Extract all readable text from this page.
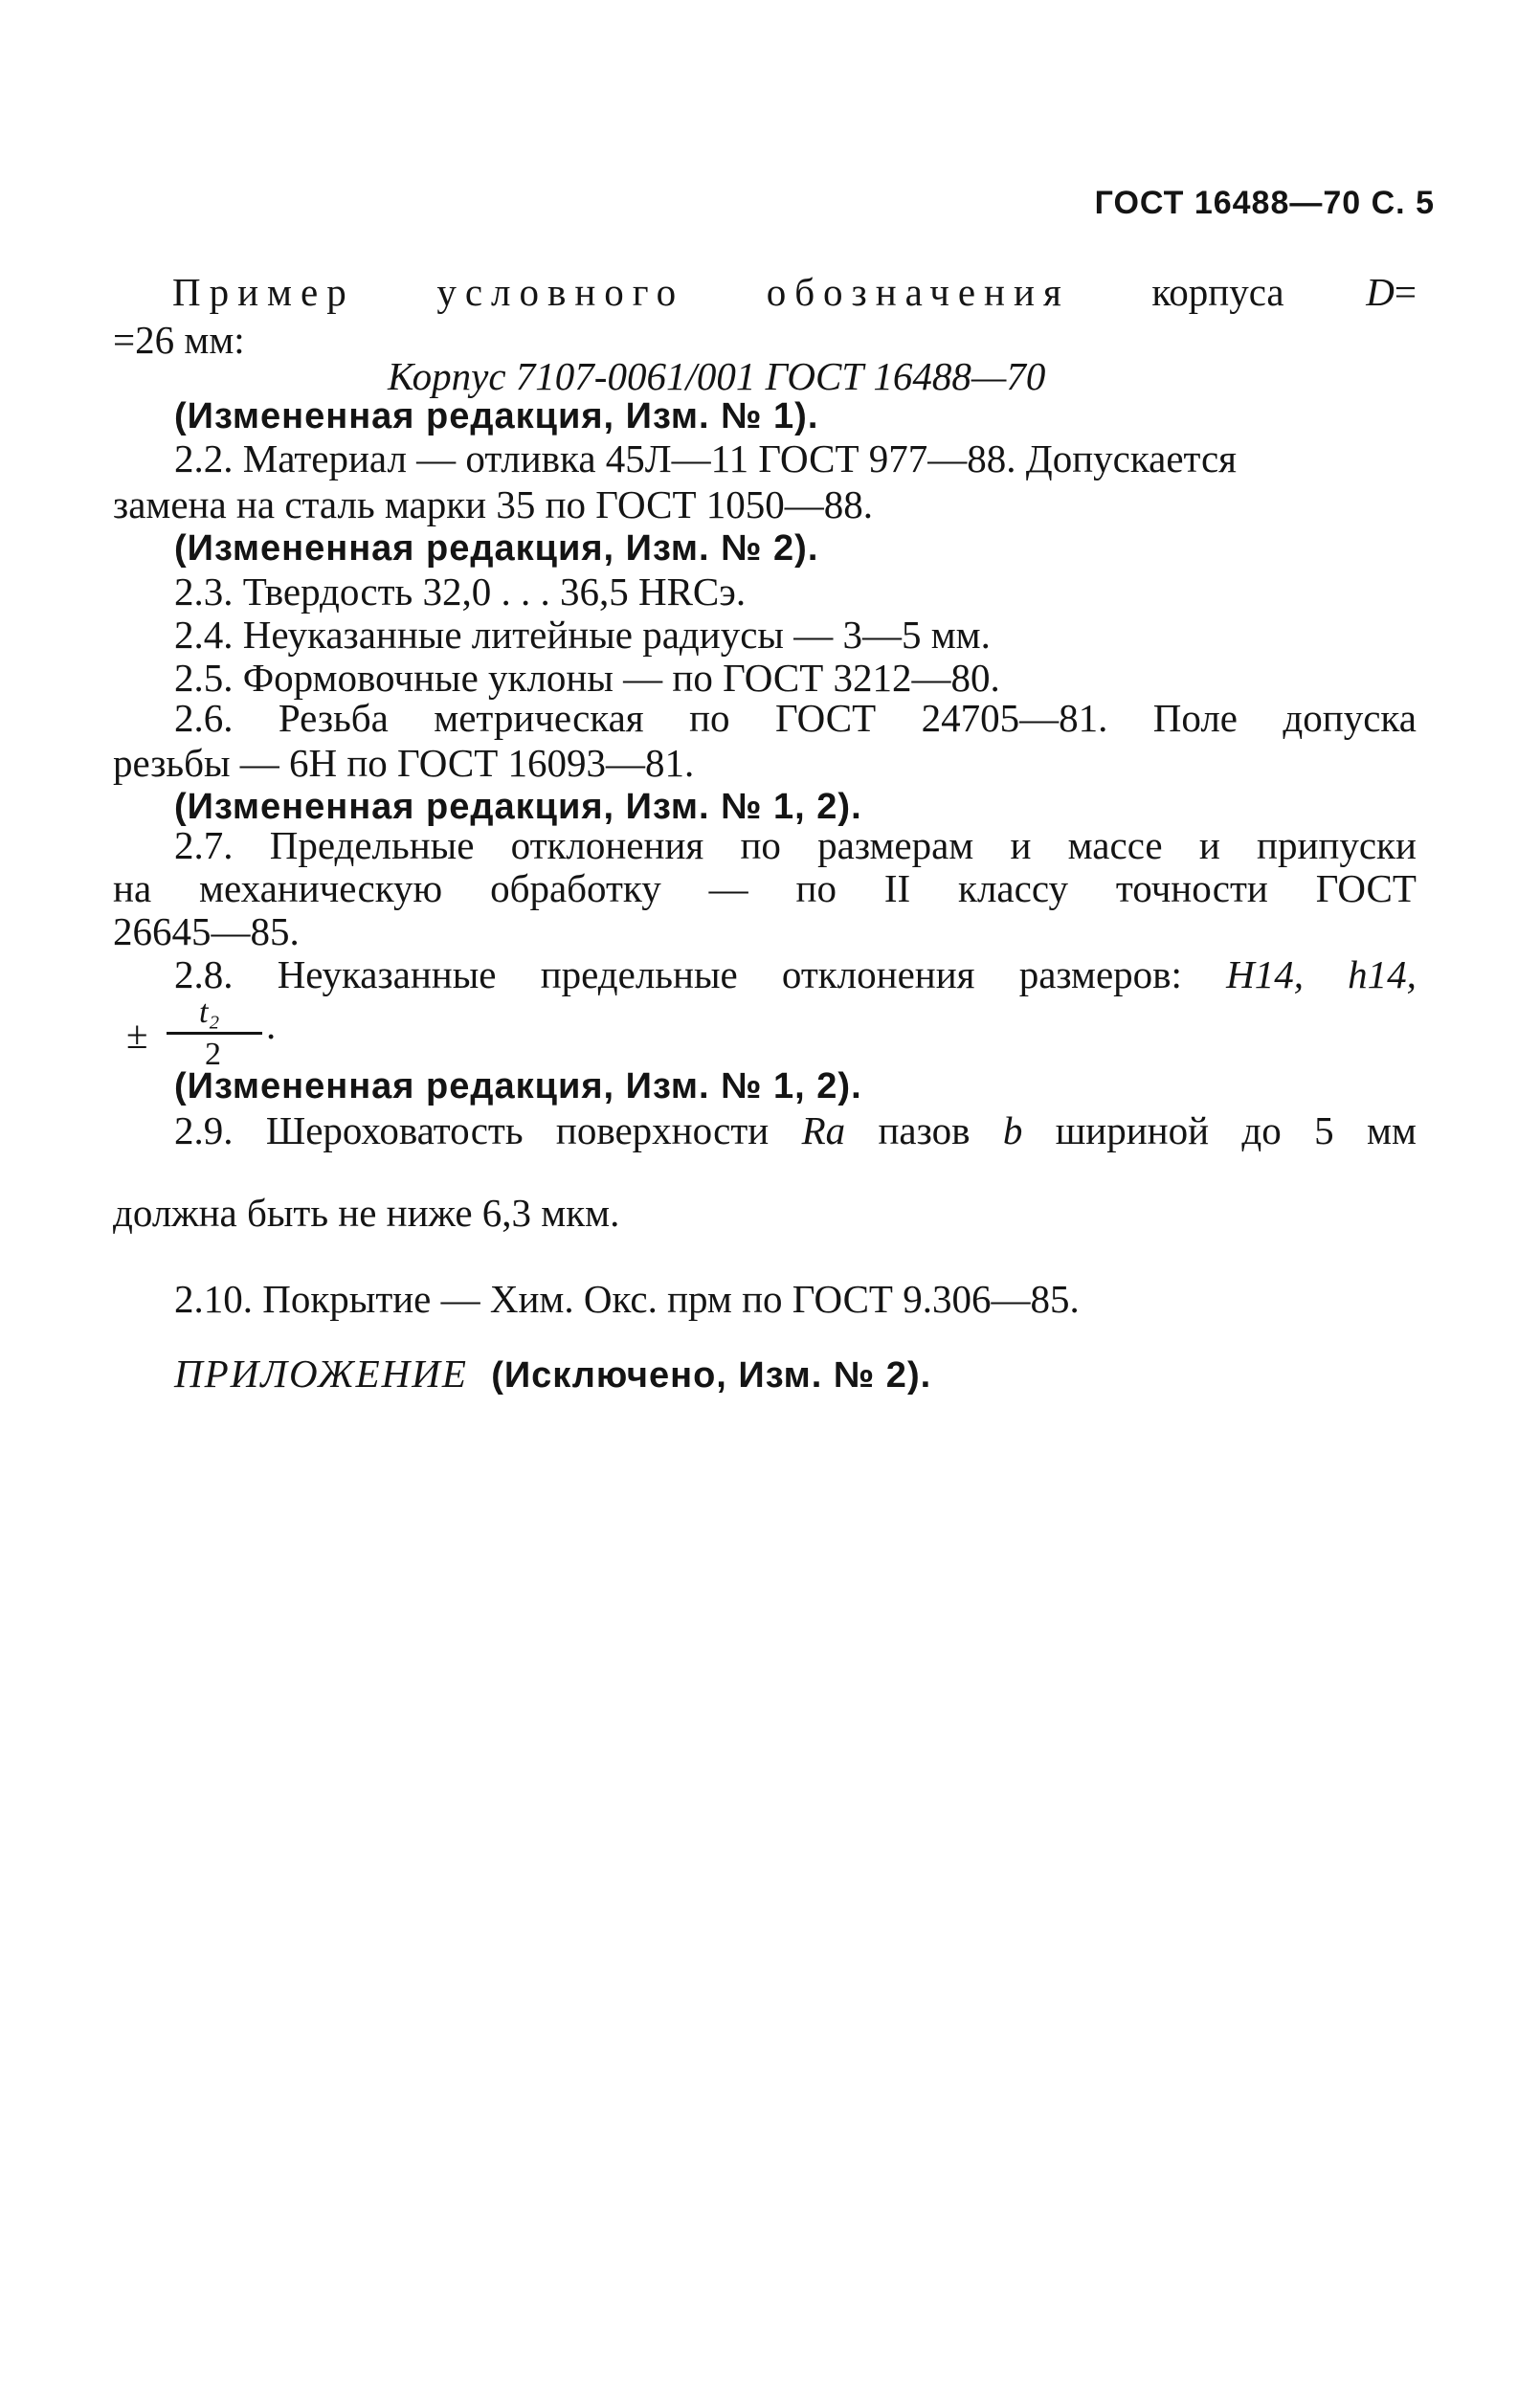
ГОСТ 16488—70 С. 5
Пример условного обозначения корпуса D=
=26 мм:
Корпус 7107-0061/001 ГОСТ 16488—70
(Измененная редакция, Изм. № 1).
2.2. Материал — отливка 45Л—11 ГОСТ 977—88. Допускается
замена на сталь марки 35 по ГОСТ 1050—88.
(Измененная редакция, Изм. № 2).
2.3. Твердость 32,0 . . . 36,5 HRCэ.
2.4. Неуказанные литейные радиусы — 3—5 мм.
2.5. Формовочные уклоны — по ГОСТ 3212—80.
2.6. Резьба метрическая по ГОСТ 24705—81. Поле допуска
резьбы — 6Н по ГОСТ 16093—81.
(Измененная редакция, Изм. № 1, 2).
2.7. Предельные отклонения по размерам и массе и припуски
на механическую обработку — по II классу точности ГОСТ
26645—85.
2.8. Неуказанные предельные отклонения размеров: Н14, h14,
±
t₂
2
.
(Измененная редакция, Изм. № 1, 2).
2.9. Шероховатость поверхности Ra пазов b шириной до 5 мм
должна быть не ниже 6,3 мкм.
2.10. Покрытие — Хим. Окс. прм по ГОСТ 9.306—85.
ПРИЛОЖЕНИЕ (Исключено, Изм. № 2).
